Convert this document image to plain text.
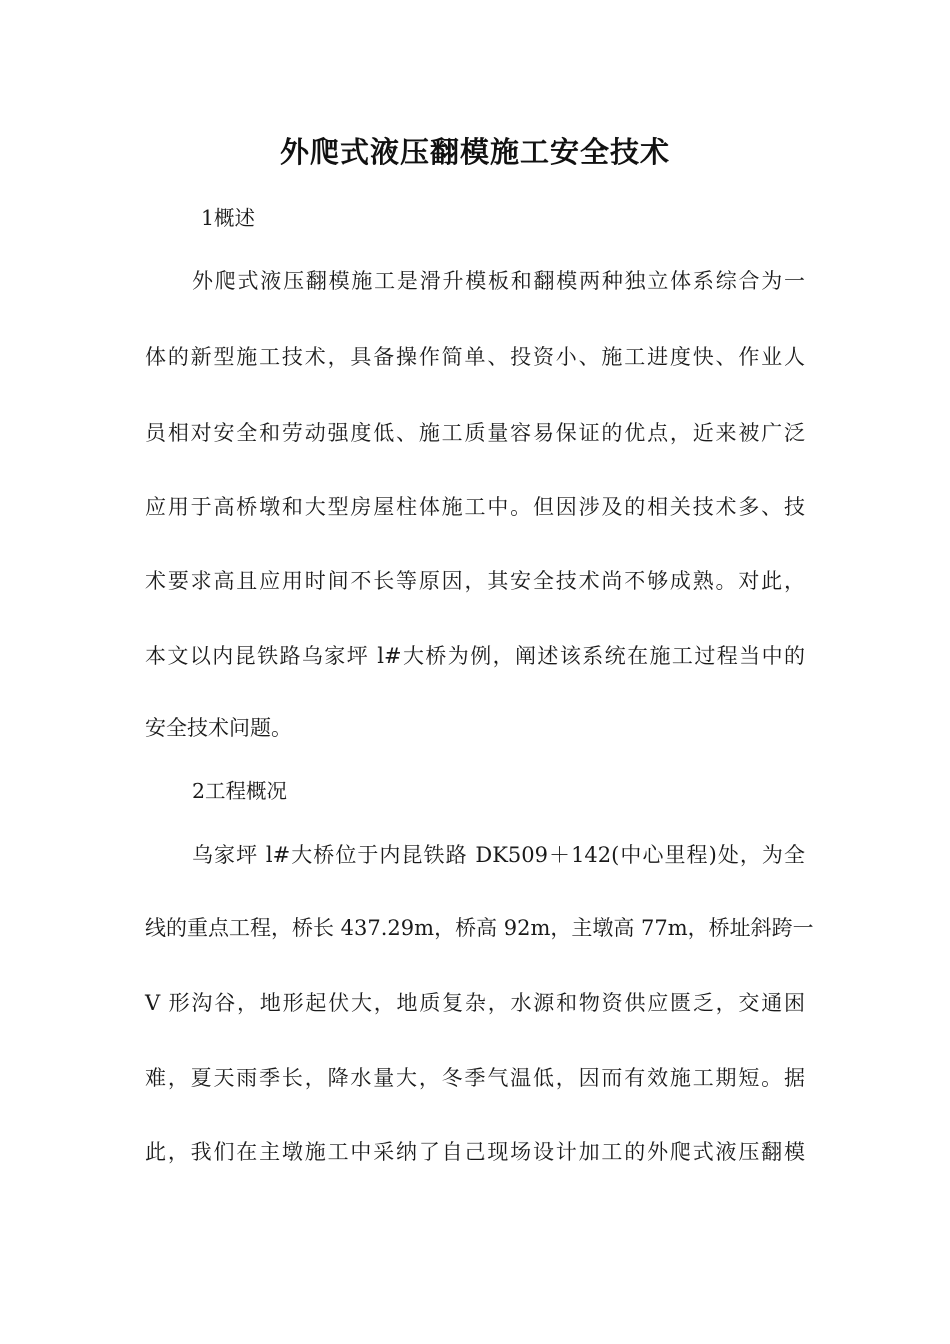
外爬式液压翻模施工安全技术
1概述
外爬式液压翻模施工是滑升模板和翻模两种独立体系综合为一
体的新型施工技术，具备操作简单、投资小、施工进度快、作业人
员相对安全和劳动强度低、施工质量容易保证的优点，近来被广泛
应用于高桥墩和大型房屋柱体施工中。但因涉及的相关技术多、技
术要求高且应用时间不长等原因，其安全技术尚不够成熟。对此，
本文以内昆铁路乌家坪 l#大桥为例，阐述该系统在施工过程当中的
安全技术问题。
2工程概况
乌家坪 l#大桥位于内昆铁路 DK509＋142(中心里程)处，为全
线的重点工程，桥长 437.29m，桥高 92m，主墩高 77m，桥址斜跨一
V 形沟谷，地形起伏大，地质复杂，水源和物资供应匮乏，交通困
难，夏天雨季长，降水量大，冬季气温低，因而有效施工期短。据
此，我们在主墩施工中采纳了自己现场设计加工的外爬式液压翻模
